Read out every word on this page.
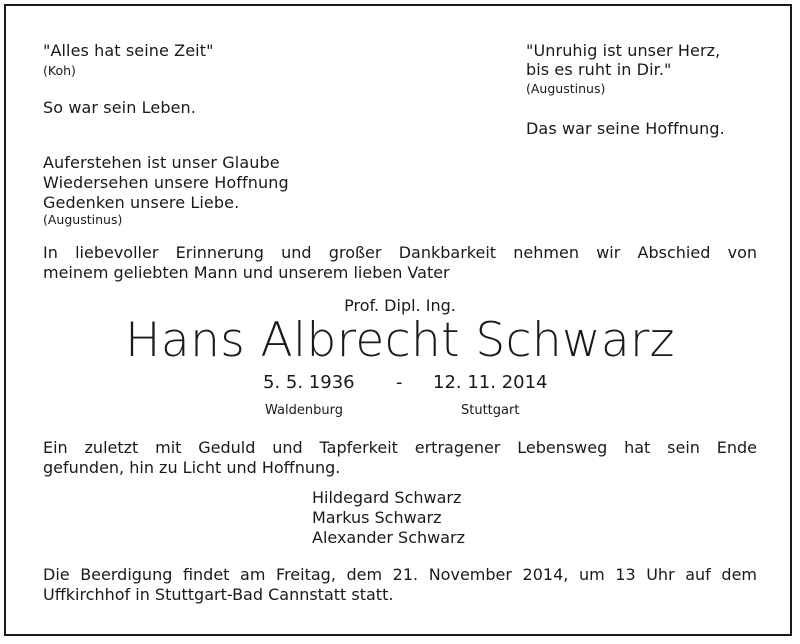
"Alles hat seine Zeit"
(Koh)
So war sein Leben.
"Unruhig ist unser Herz,
bis es ruht in Dir."
(Augustinus)
Das war seine Hoffnung.
Auferstehen ist unser Glaube
Wiedersehen unsere Hoffnung
Gedenken unsere Liebe.
(Augustinus)
In liebevoller Erinnerung und großer Dankbarkeit nehmen wir Abschied von
meinem geliebten Mann und unserem lieben Vater
Prof. Dipl. Ing.
Hans Albrecht Schwarz
5. 5. 1936 - 12. 11. 2014
Waldenburg	Stuttgart
Ein zuletzt mit Geduld und Tapferkeit ertragener Lebensweg hat sein Ende
gefunden, hin zu Licht und Hoffnung.
Hildegard Schwarz
Markus Schwarz
Alexander Schwarz
Die Beerdigung findet am Freitag, dem 21. November 2014, um 13 Uhr auf dem
Uffkirchhof in Stuttgart-Bad Cannstatt statt.
